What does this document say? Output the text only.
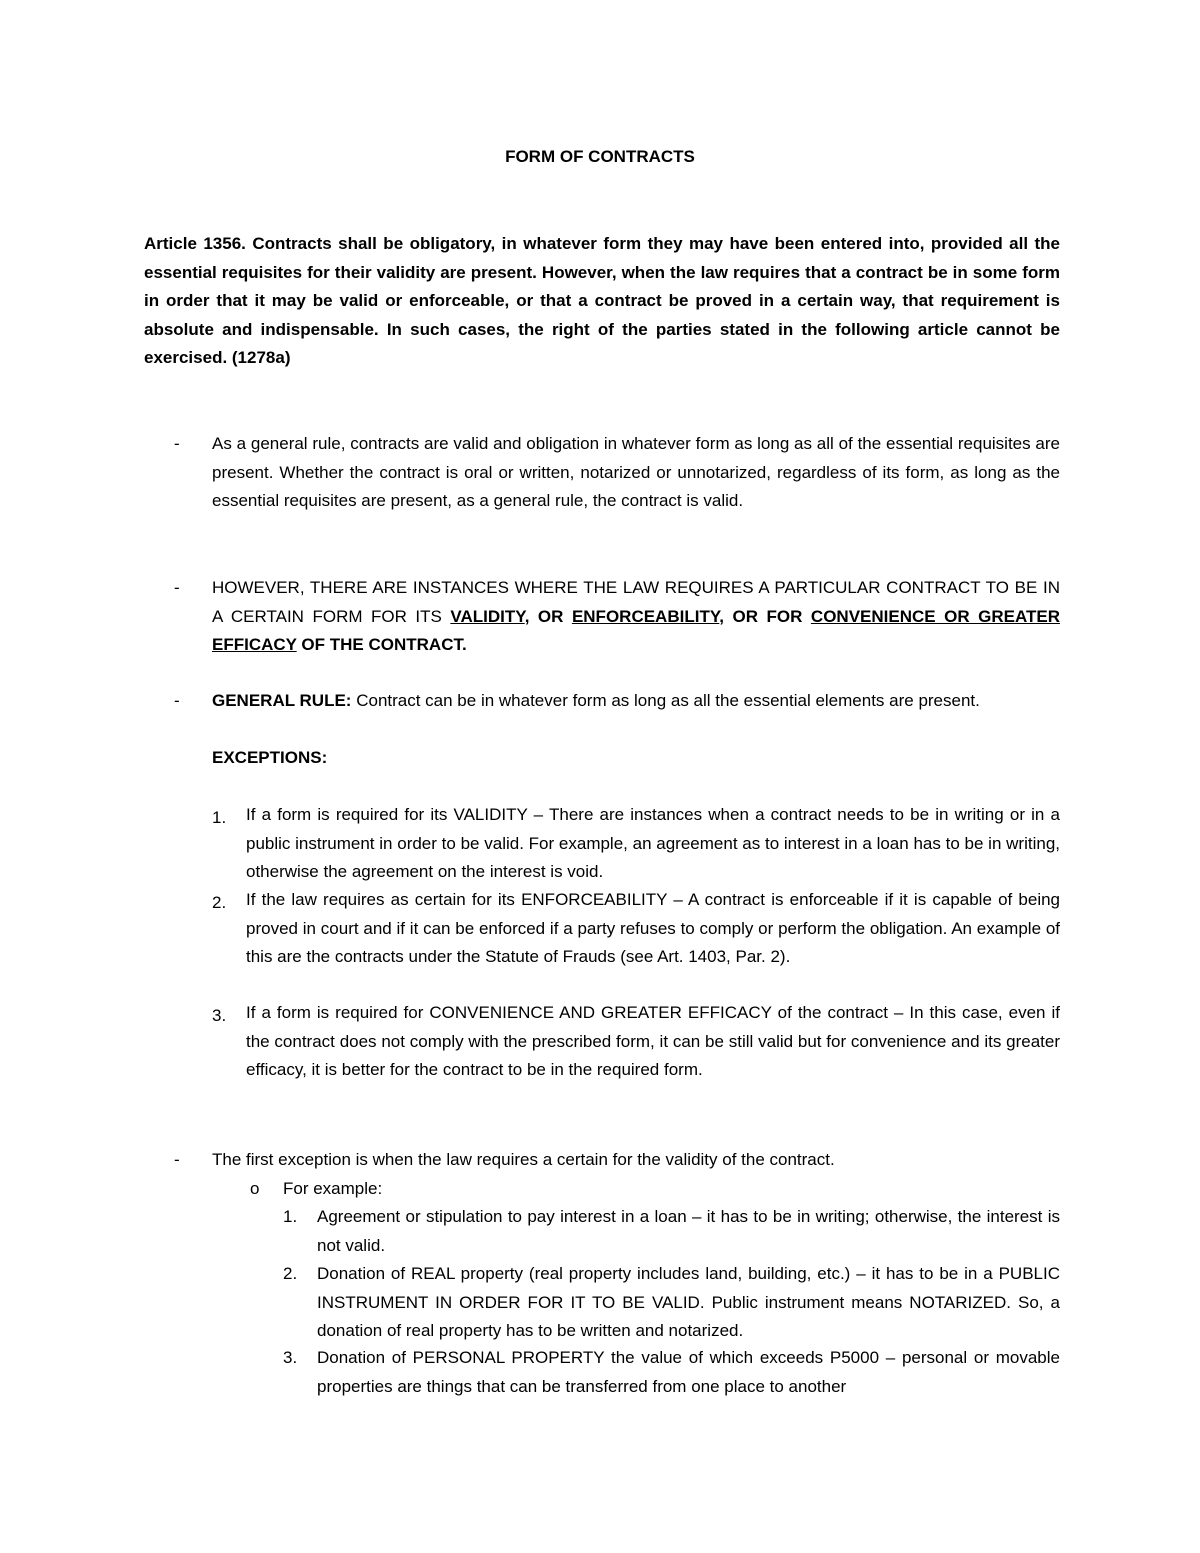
FORM OF CONTRACTS

Article 1356. Contracts shall be obligatory, in whatever form they may have been entered into, provided all the essential requisites for their validity are present. However, when the law requires that a contract be in some form in order that it may be valid or enforceable, or that a contract be proved in a certain way, that requirement is absolute and indispensable. In such cases, the right of the parties stated in the following article cannot be exercised. (1278a)

- As a general rule, contracts are valid and obligation in whatever form as long as all of the essential requisites are present. Whether the contract is oral or written, notarized or unnotarized, regardless of its form, as long as the essential requisites are present, as a general rule, the contract is valid.

- HOWEVER, THERE ARE INSTANCES WHERE THE LAW REQUIRES A PARTICULAR CONTRACT TO BE IN A CERTAIN FORM FOR ITS VALIDITY, OR ENFORCEABILITY, OR FOR CONVENIENCE OR GREATER EFFICACY OF THE CONTRACT.

- GENERAL RULE: Contract can be in whatever form as long as all the essential elements are present.

EXCEPTIONS:

1. If a form is required for its VALIDITY – There are instances when a contract needs to be in writing or in a public instrument in order to be valid. For example, an agreement as to interest in a loan has to be in writing, otherwise the agreement on the interest is void.

2. If the law requires as certain for its ENFORCEABILITY – A contract is enforceable if it is capable of being proved in court and if it can be enforced if a party refuses to comply or perform the obligation. An example of this are the contracts under the Statute of Frauds (see Art. 1403, Par. 2).

3. If a form is required for CONVENIENCE AND GREATER EFFICACY of the contract – In this case, even if the contract does not comply with the prescribed form, it can be still valid but for convenience and its greater efficacy, it is better for the contract to be in the required form.

- The first exception is when the law requires a certain for the validity of the contract.

o For example:
1. Agreement or stipulation to pay interest in a loan – it has to be in writing; otherwise, the interest is not valid.

2. Donation of REAL property (real property includes land, building, etc.) – it has to be in a PUBLIC INSTRUMENT IN ORDER FOR IT TO BE VALID. Public instrument means NOTARIZED. So, a donation of real property has to be written and notarized.

3. Donation of PERSONAL PROPERTY the value of which exceeds P5000 – personal or movable properties are things that can be transferred from one place to another
